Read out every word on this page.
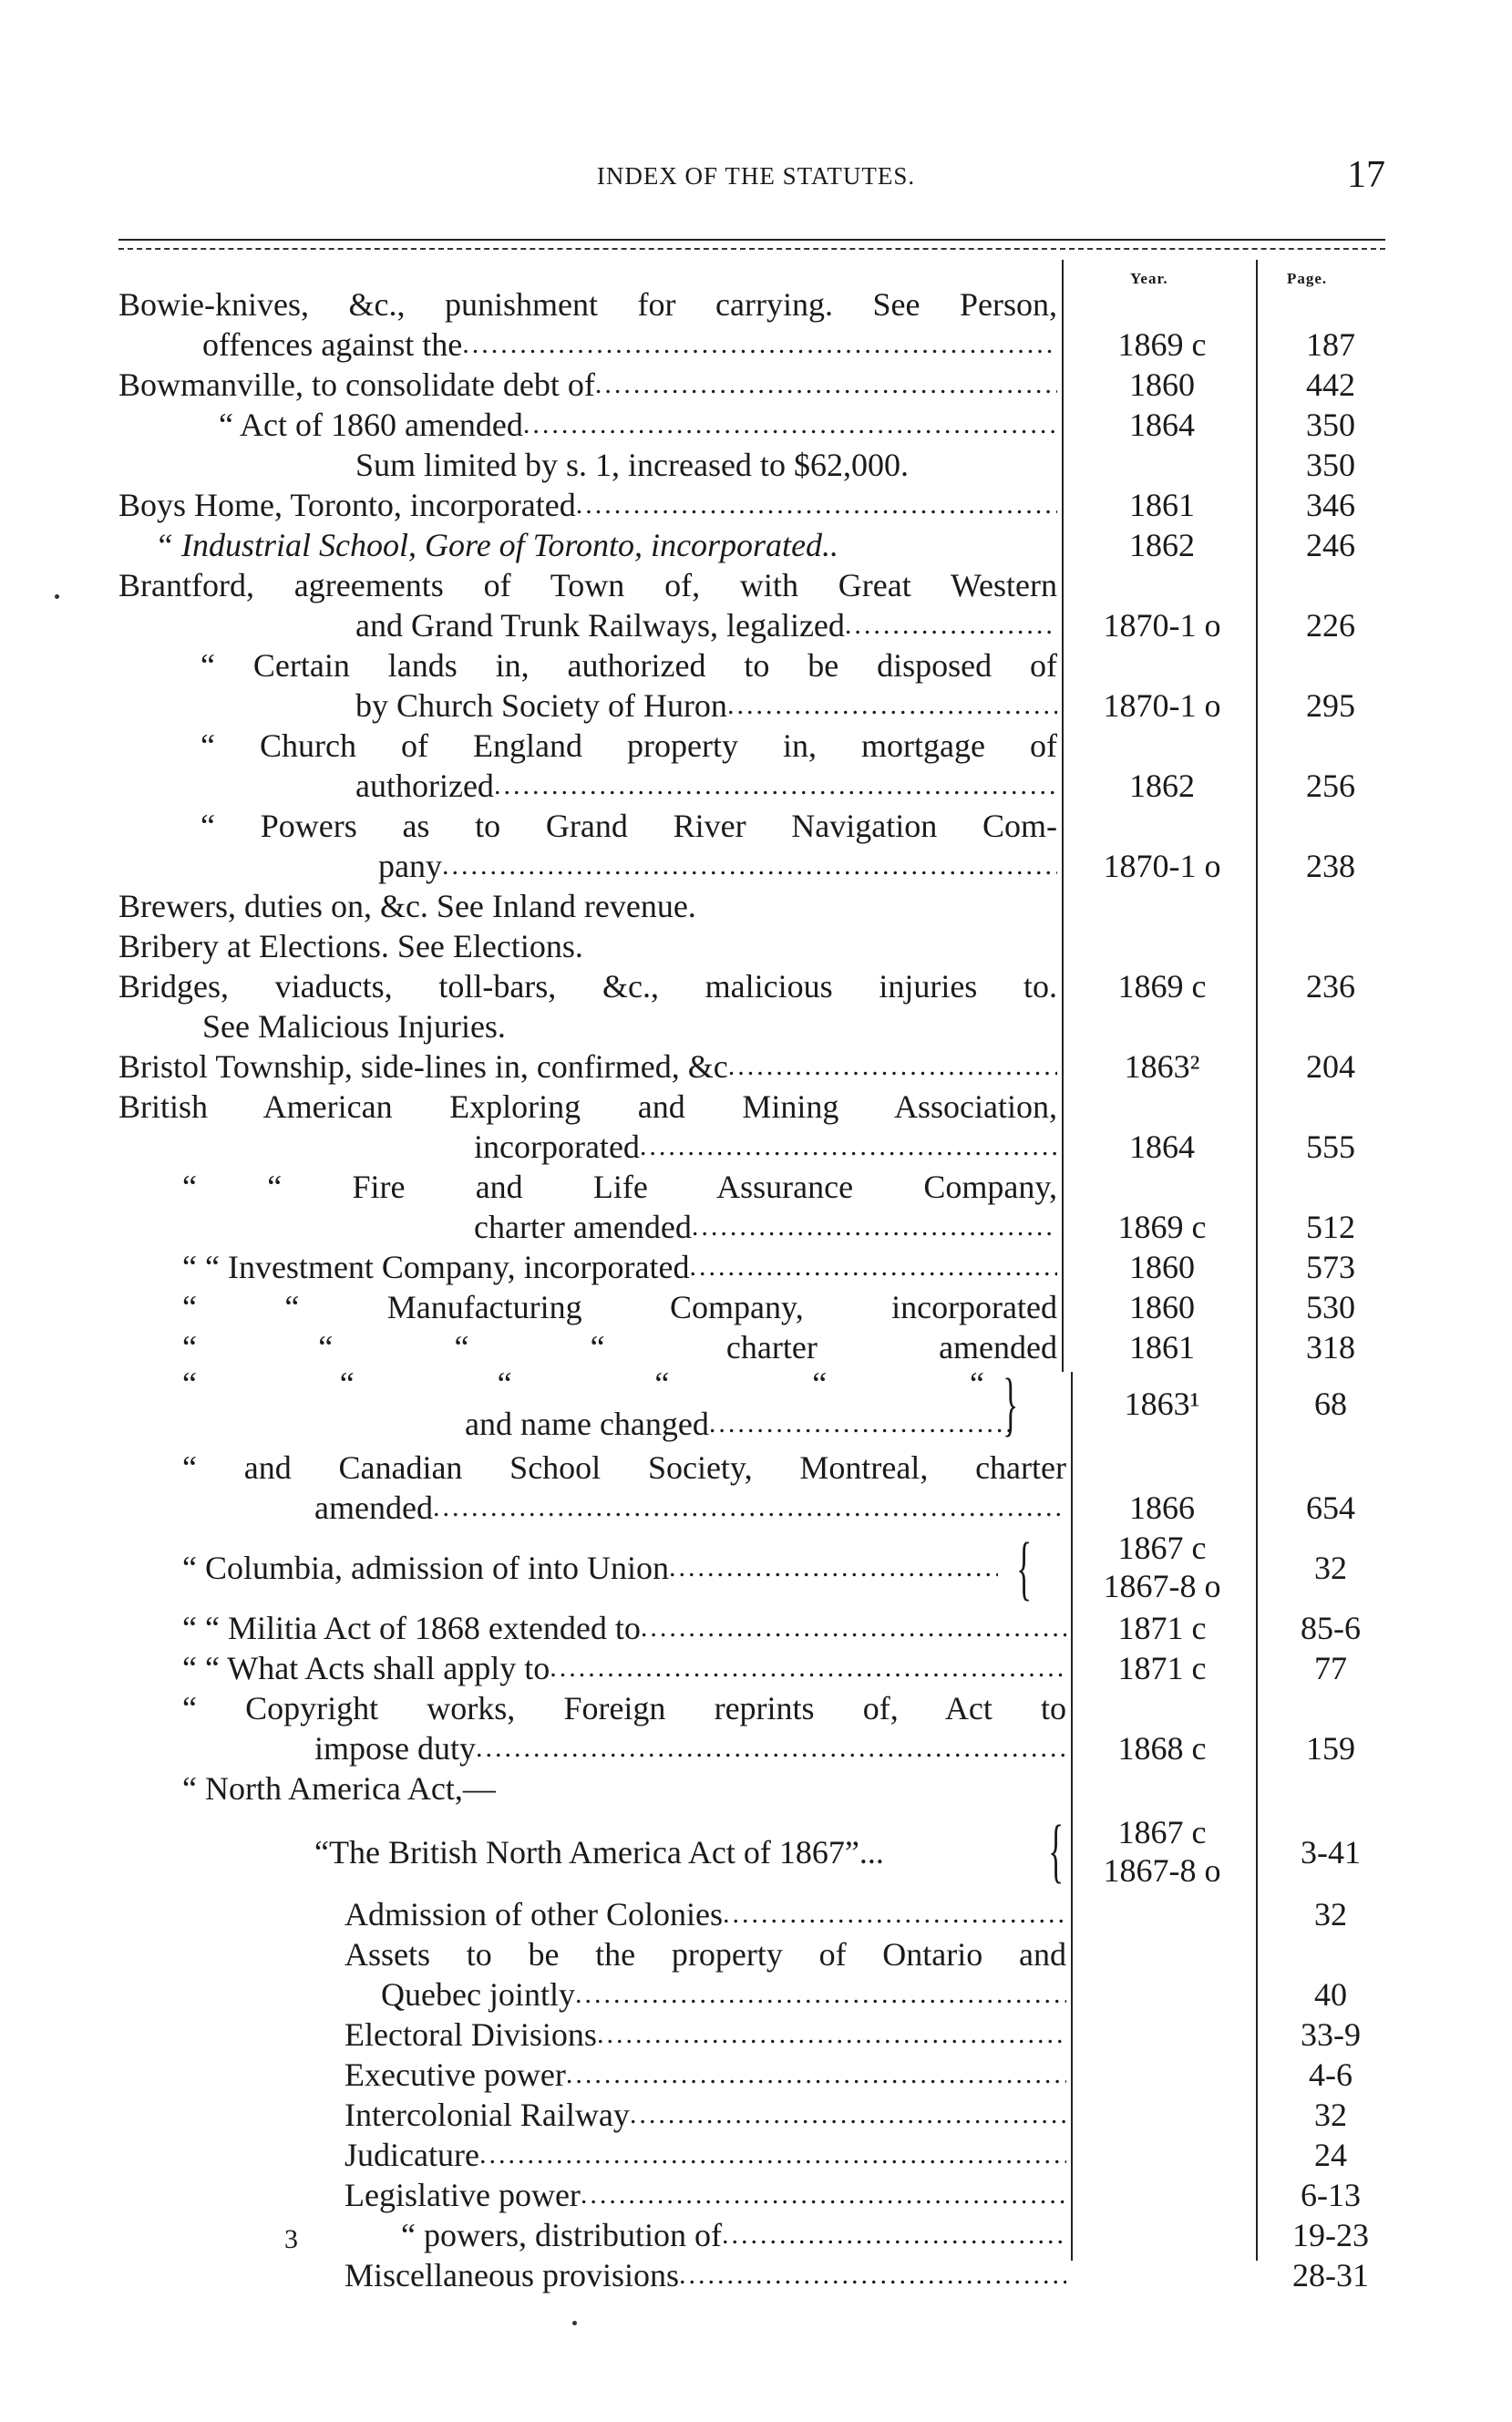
INDEX OF THE STATUTES.	17
Year.	Page.
Bowie-knives, &c., punishment for carrying. See Person,
offences against the
.....
Bowmanville, to consolidate debt of
.....
“ Act of 1860 amended
.....
Sum limited by s. 1, increased to $62,000.
Boys Home, Toronto, incorporated
.....
“ Industrial School, Gore of Toronto, incorporated..
Brantford, agreements of Town of, with Great Western
and Grand Trunk Railways, legalized
.....
“ Certain lands in, authorized to be disposed of
by Church Society of Huron
.....
“ Church of England property in, mortgage of
authorized
.....
“ Powers as to Grand River Navigation Com-
pany
.....
Brewers, duties on, &c. See Inland revenue.
Bribery at Elections. See Elections.
Bridges, viaducts, toll-bars, &c., malicious injuries to.
See Malicious Injuries.
Bristol Township, side-lines in, confirmed, &c
.....
British American Exploring and Mining Association,
incorporated
.....
“ “ Fire and Life Assurance Company,
charter amended
.....
“ “ Investment Company, incorporated
.....
“ “ Manufacturing Company, incorporated
“ “ “ “ charter amended
“ “ “ “ “ “
and name changed
.....
“ and Canadian School Society, Montreal, charter
amended
.....
“ Columbia, admission of into Union
.....
“ “ Militia Act of 1868 extended to
.....
“ “ What Acts shall apply to
.....
“ Copyright works, Foreign reprints of, Act to
impose duty
.....
“ North America Act,—
“The British North America Act of 1867”...
Admission of other Colonies
.....
Assets to be the property of Ontario and
Quebec jointly
.....
Electoral Divisions
.....
Executive power
.....
Intercolonial Railway
.....
Judicature
.....
Legislative power
.....
“ powers, distribution of
.....
Miscellaneous provisions
.....
}
{
{
1869 c
1860
1864
1861
1862
1870-1 o
1870-1 o
1862
1870-1 o
1869 c
1863²
1864
1869 c
1860
1860
1861
1863¹
1866
1867 c
1867-8 o
1871 c
1871 c
1868 c
1867 c
1867-8 o
187
442
350
350
346
246
226
295
256
238
236
204
555
512
573
530
318
68
654
32
85-6
77
159
3-41
32
40
33-9
4-6
32
24
6-13
19-23
28-31
3
